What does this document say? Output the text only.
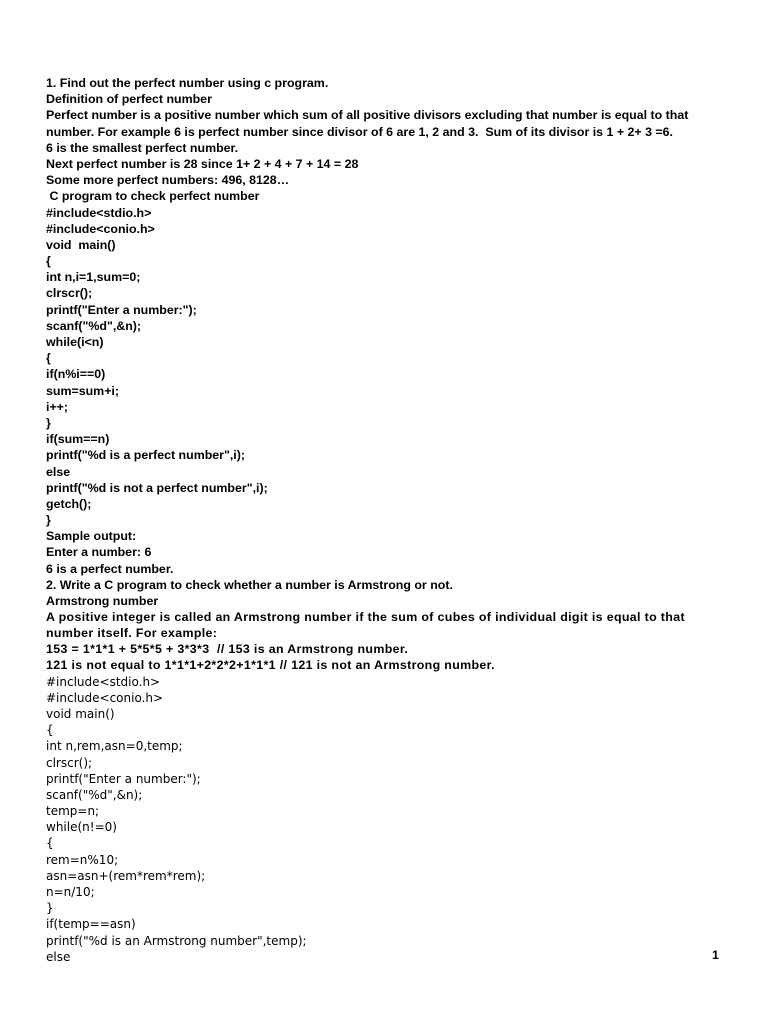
1. Find out the perfect number using c program.
Definition of perfect number
Perfect number is a positive number which sum of all positive divisors excluding that number is equal to that
number. For example 6 is perfect number since divisor of 6 are 1, 2 and 3.  Sum of its divisor is 1 + 2+ 3 =6.
6 is the smallest perfect number.
Next perfect number is 28 since 1+ 2 + 4 + 7 + 14 = 28
Some more perfect numbers: 496, 8128…
C program to check perfect number
#include<stdio.h>
#include<conio.h>
void  main()
{
int n,i=1,sum=0;
clrscr();
printf("Enter a number:");
scanf("%d",&n);
while(i<n)
{
if(n%i==0)
sum=sum+i;
i++;
}
if(sum==n)
printf("%d is a perfect number",i);
else
printf("%d is not a perfect number",i);
getch();
}
Sample output:
Enter a number: 6
6 is a perfect number.
2. Write a C program to check whether a number is Armstrong or not.
Armstrong number
A positive integer is called an Armstrong number if the sum of cubes of individual digit is equal to that
number itself. For example:
153 = 1*1*1 + 5*5*5 + 3*3*3  // 153 is an Armstrong number.
121 is not equal to 1*1*1+2*2*2+1*1*1 // 121 is not an Armstrong number.
#include<stdio.h>
#include<conio.h>
void main()
{
int n,rem,asn=0,temp;
clrscr();
printf("Enter a number:");
scanf("%d",&n);
temp=n;
while(n!=0)
{
rem=n%10;
asn=asn+(rem*rem*rem);
n=n/10;
}
if(temp==asn)
printf("%d is an Armstrong number",temp);
else	1
